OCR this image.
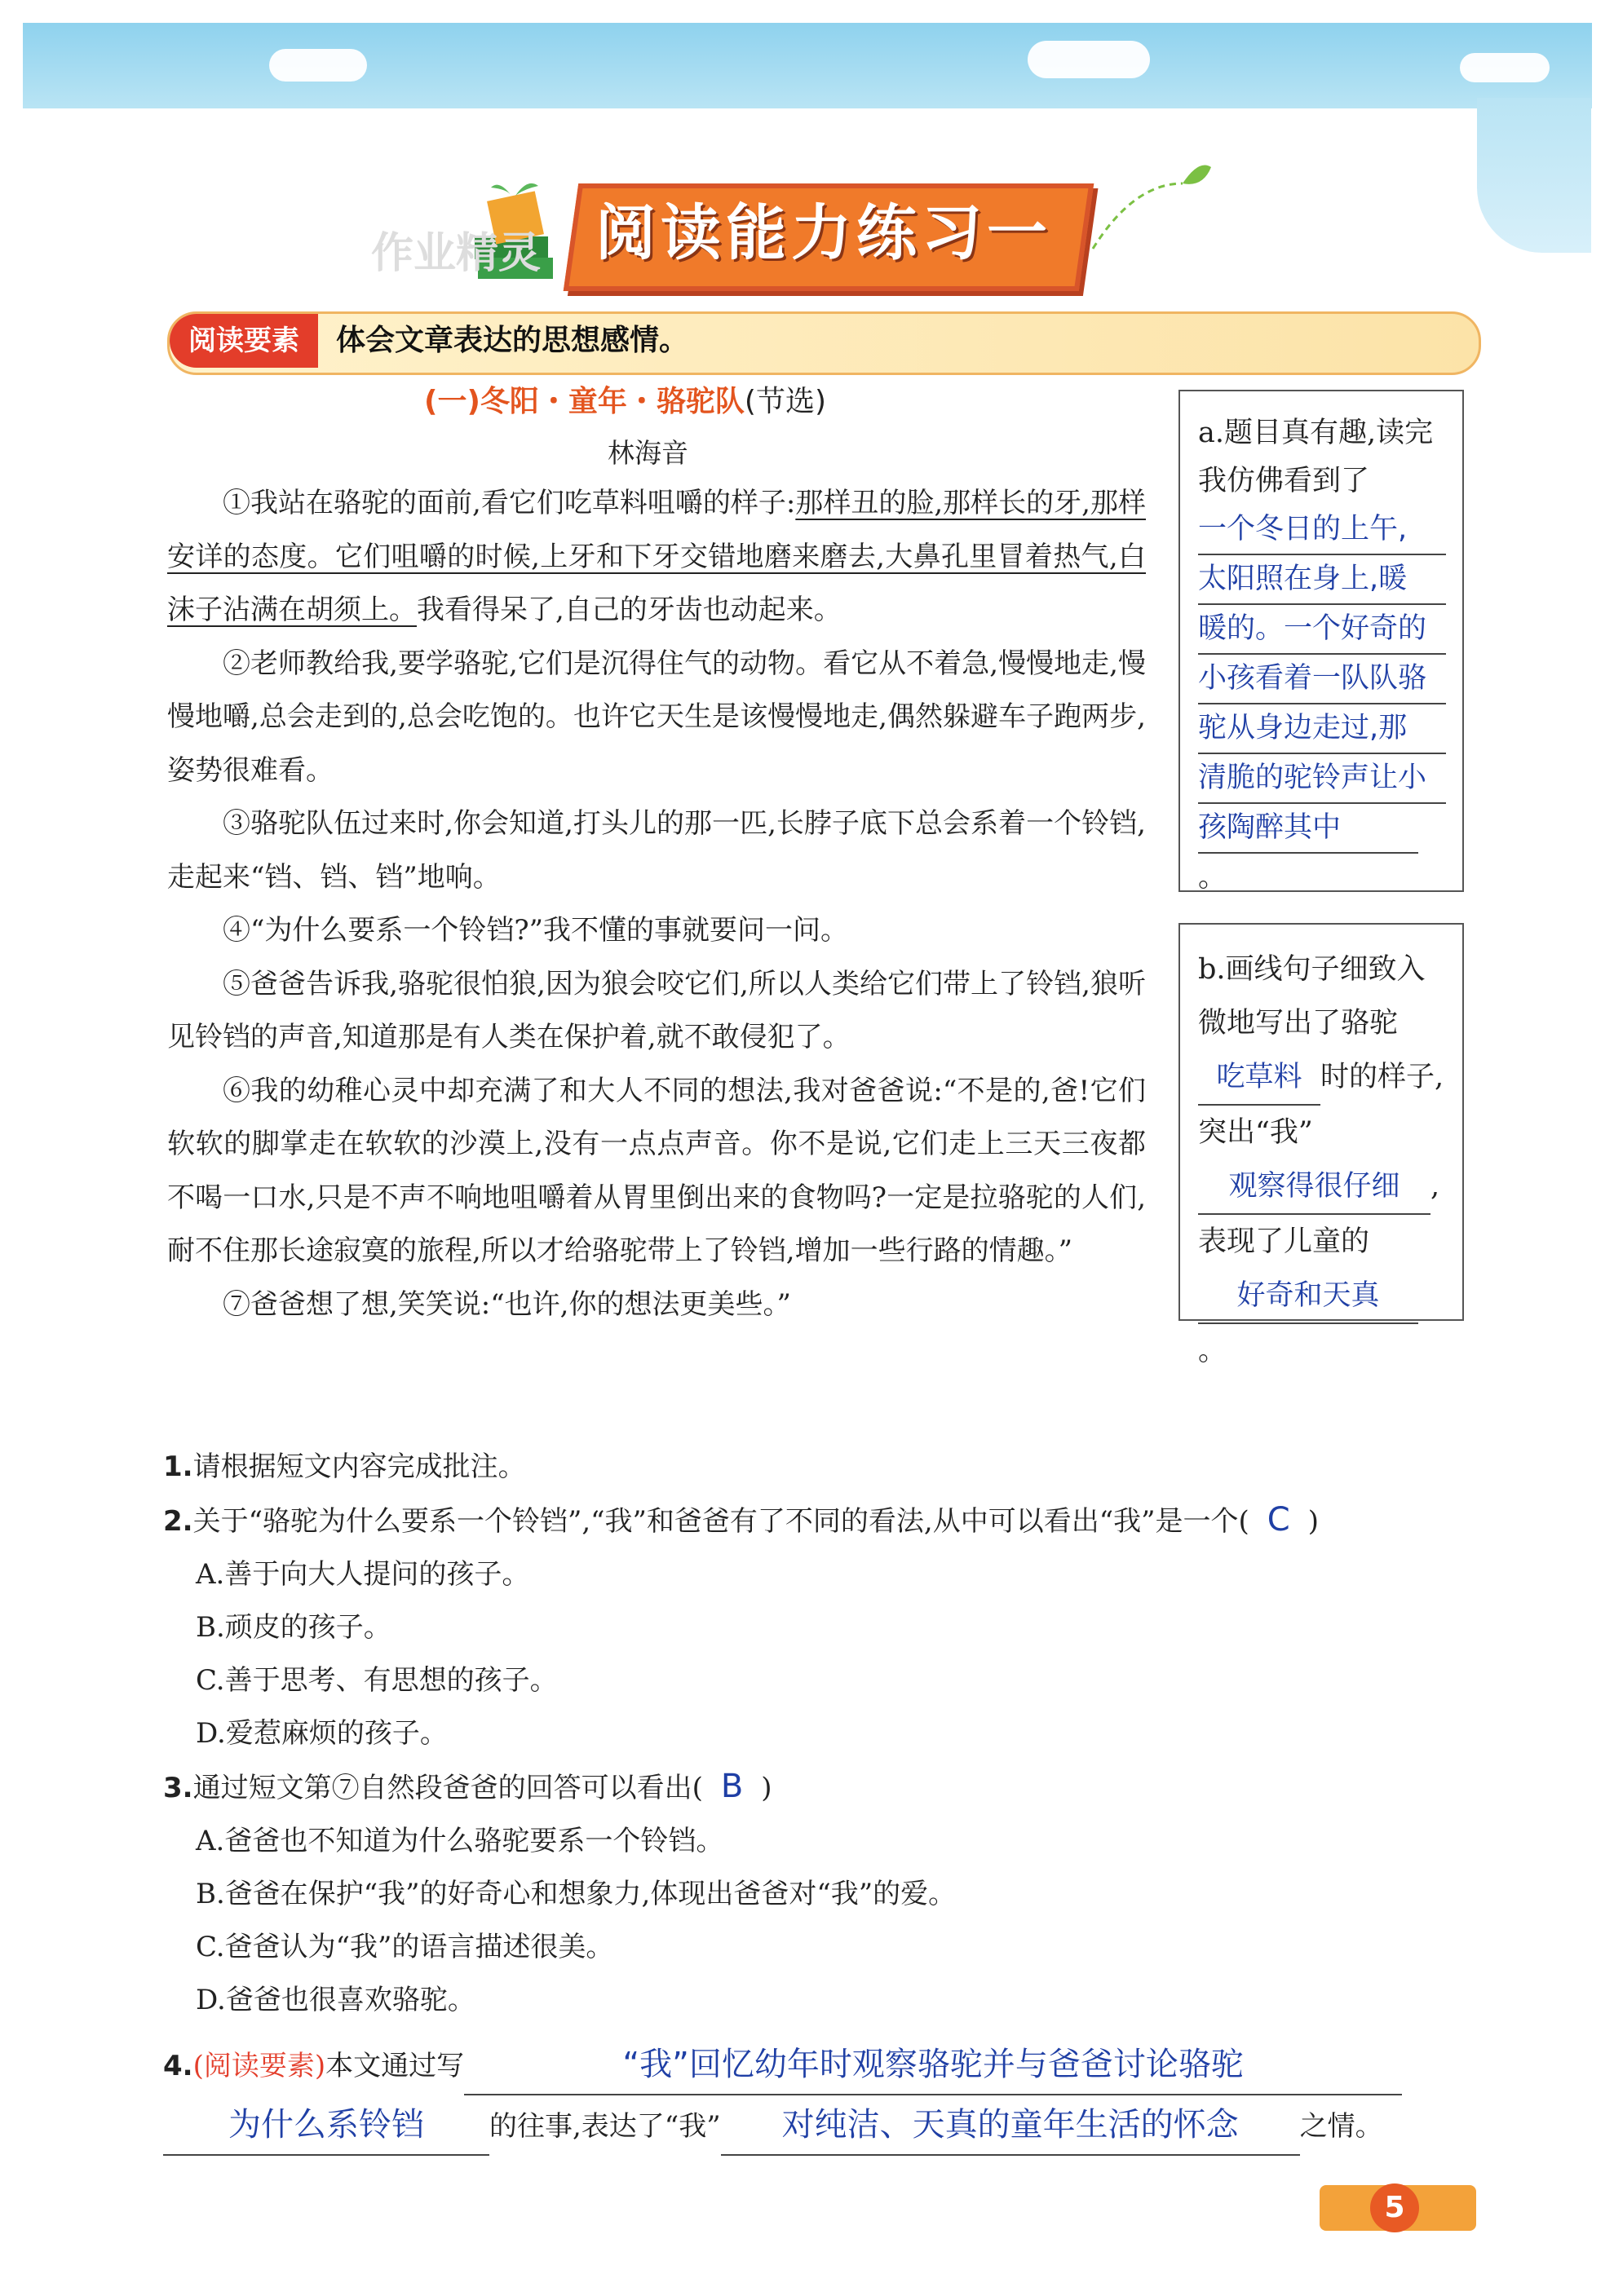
作业精灵 阅读能力练习一
阅读要素	体会文章表达的思想感情。
(一)冬阳・童年・骆驼队(节选)
林海音

①我站在骆驼的面前,看它们吃草料咀嚼的样子:那样丑的脸,那样长的牙,那样安详的态度。它们咀嚼的时候,上牙和下牙交错地磨来磨去,大鼻孔里冒着热气,白沫子沾满在胡须上。我看得呆了,自己的牙齿也动起来。

②老师教给我,要学骆驼,它们是沉得住气的动物。看它从不着急,慢慢地走,慢慢地嚼,总会走到的,总会吃饱的。也许它天生是该慢慢地走,偶然躲避车子跑两步,姿势很难看。

③骆驼队伍过来时,你会知道,打头儿的那一匹,长脖子底下总会系着一个铃铛,走起来“铛、铛、铛”地响。

④“为什么要系一个铃铛?”我不懂的事就要问一问。

⑤爸爸告诉我,骆驼很怕狼,因为狼会咬它们,所以人类给它们带上了铃铛,狼听见铃铛的声音,知道那是有人类在保护着,就不敢侵犯了。

⑥我的幼稚心灵中却充满了和大人不同的想法,我对爸爸说:“不是的,爸!它们软软的脚掌走在软软的沙漠上,没有一点点声音。你不是说,它们走上三天三夜都不喝一口水,只是不声不响地咀嚼着从胃里倒出来的食物吗?一定是拉骆驼的人们,耐不住那长途寂寞的旅程,所以才给骆驼带上了铃铛,增加一些行路的情趣。”

⑦爸爸想了想,笑笑说:“也许,你的想法更美些。”

a.题目真有趣,读完我仿佛看到了
一个冬日的上午,
太阳照在身上,暖
暖的。一个好奇的
小孩看着一队队骆
驼从身边走过,那
清脆的驼铃声让小
孩陶醉其中。
b.画线句子细致入微地写出了骆驼吃草料 时的样子,突出“我”观察得很仔细 ,表现了儿童的好奇和天真。

1.请根据短文内容完成批注。

2.关于“骆驼为什么要系一个铃铛”,“我”和爸爸有了不同的看法,从中可以看出“我”是一个( C )

A.善于向大人提问的孩子。

B.顽皮的孩子。

C.善于思考、有思想的孩子。

D.爱惹麻烦的孩子。

3.通过短文第⑦自然段爸爸的回答可以看出( B )

A.爸爸也不知道为什么骆驼要系一个铃铛。

B.爸爸在保护“我”的好奇心和想象力,体现出爸爸对“我”的爱。

C.爸爸认为“我”的语言描述很美。

D.爸爸也很喜欢骆驼。

4.(阅读要素)本文通过写	“我”回忆幼年时观察骆驼并与爸爸讨论骆驼
为什么系铃铛 的往事,表达了“我” 对纯洁、天真的童年生活的怀念 之情。

5
